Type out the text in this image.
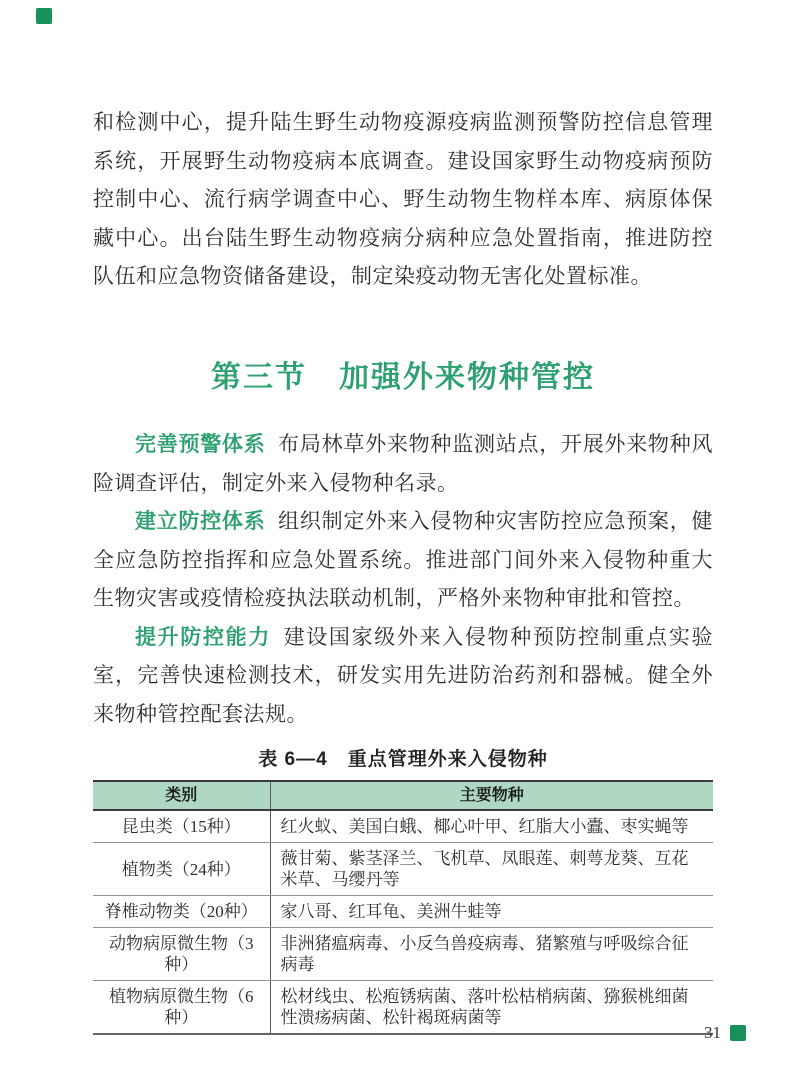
和检测中心，提升陆生野生动物疫源疫病监测预警防控信息管理系统，开展野生动物疫病本底调查。建设国家野生动物疫病预防控制中心、流行病学调查中心、野生动物生物样本库、病原体保藏中心。出台陆生野生动物疫病分病种应急处置指南，推进防控队伍和应急物资储备建设，制定染疫动物无害化处置标准。

第三节　加强外来物种管控

完善预警体系 布局林草外来物种监测站点，开展外来物种风险调查评估，制定外来入侵物种名录。

建立防控体系 组织制定外来入侵物种灾害防控应急预案，健全应急防控指挥和应急处置系统。推进部门间外来入侵物种重大生物灾害或疫情检疫执法联动机制，严格外来物种审批和管控。

提升防控能力 建设国家级外来入侵物种预防控制重点实验室，完善快速检测技术，研发实用先进防治药剂和器械。健全外来物种管控配套法规。

表 6—4　重点管理外来入侵物种
类别	主要物种
昆虫类（15种）	红火蚁、美国白蛾、椰心叶甲、红脂大小蠹、枣实蝇等
植物类（24种）	薇甘菊、紫茎泽兰、飞机草、凤眼莲、刺萼龙葵、互花米草、马缨丹等
脊椎动物类（20种）	家八哥、红耳龟、美洲牛蛙等
动物病原微生物（3种）	非洲猪瘟病毒、小反刍兽疫病毒、猪繁殖与呼吸综合征病毒
植物病原微生物（6种）	松材线虫、松疱锈病菌、落叶松枯梢病菌、猕猴桃细菌性溃疡病菌、松针褐斑病菌等
31
